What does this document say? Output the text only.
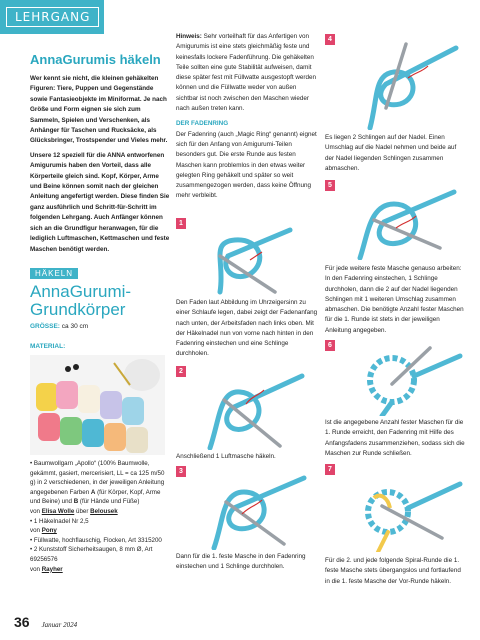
LEHRGANG
AnnaGurumis häkeln

Wer kennt sie nicht, die kleinen gehäkelten Figuren: Tiere, Puppen und Gegenstände sowie Fantasieobjekte im Miniformat. Je nach Größe und Form eignen sie sich zum Sammeln, Spielen und Verschenken, als Anhänger für Taschen und Rucksäcke, als Glücksbringer, Trostspender und Vieles mehr.

Unsere 12 speziell für die ANNA entworfenen Amigurumis haben den Vorteil, dass alle Körperteile gleich sind. Kopf, Körper, Arme und Beine können somit nach der gleichen Anleitung angefertigt werden. Diese finden Sie ganz ausführlich und Schritt-für-Schritt im folgenden Lehrgang. Auch Anfänger können sich an die Grundfigur heranwagen, für die lediglich Luftmaschen, Kettmaschen und feste Maschen benötigt werden.

HÄKELN
AnnaGurumi-
Grundkörper
GRÖSSE: ca 30 cm
MATERIAL:
• Baumwollgarn „Apollo“ (100% Baumwolle, gekämmt, gasiert, mercerisiert, LL = ca 125 m/50 g) in 2 verschiedenen, in der jeweiligen Anleitung angegebenen Farben A (für Körper, Kopf, Arme und Beine) und B (für Hände und Füße)
von Elisa Wolle über Belousek
• 1 Häkelnadel Nr 2,5
von Pony
• Füllwatte, hochflauschig, Flocken, Art 3315200
• 2 Kunststoff Sicherheitsaugen, 8 mm Ø, Art 69256576
von Rayher
36 Januar 2024

Hinweis: Sehr vorteilhaft für das Anfertigen von Amigurumis ist eine stets gleichmäßig feste und keinesfalls lockere Fadenführung. Die gehäkelten Teile sollten eine gute Stabilität aufweisen, damit diese später fest mit Füllwatte ausgestopft werden können und die Füllwatte weder von außen sichtbar ist noch zwischen den Maschen wieder nach außen treten kann.

DER FADENRING

Der Fadenring (auch „Magic Ring“ genannt) eignet sich für den Anfang von Amigurumi-Teilen besonders gut. Die erste Runde aus festen Maschen kann problemlos in den etwas weiter gelegten Ring gehäkelt und später so weit zusammengezogen werden, dass keine Öffnung mehr verbleibt.

1
Den Faden laut Abbildung im Uhrzeigersinn zu einer Schlaufe legen, dabei zeigt der Fadenanfang nach unten, der Arbeitsfaden nach links oben. Mit der Häkelnadel nun von vorne nach hinten in den Fadenring einstechen und eine Schlinge durchholen.
2
Anschließend 1 Luftmasche häkeln.
3
Dann für die 1. feste Masche in den Fadenring einstechen und 1 Schlinge durchholen.
4
Es liegen 2 Schlingen auf der Nadel. Einen Umschlag auf die Nadel nehmen und beide auf der Nadel liegenden Schlingen zusammen abmaschen.
5
Für jede weitere feste Masche genauso arbeiten: In den Fadenring einstechen, 1 Schlinge durchholen, dann die 2 auf der Nadel liegenden Schlingen mit 1 weiteren Umschlag zusammen abmaschen. Die benötigte Anzahl fester Maschen für die 1. Runde ist stets in der jeweiligen Anleitung angegeben.
6
Ist die angegebene Anzahl fester Maschen für die 1. Runde erreicht, den Fadenring mit Hilfe des Anfangsfadens zusammenziehen, sodass sich die Maschen zur Runde schließen.
7
Für die 2. und jede folgende Spiral-Runde die 1. feste Masche stets übergangslos und fortlaufend in die 1. feste Masche der Vor-Runde häkeln.
